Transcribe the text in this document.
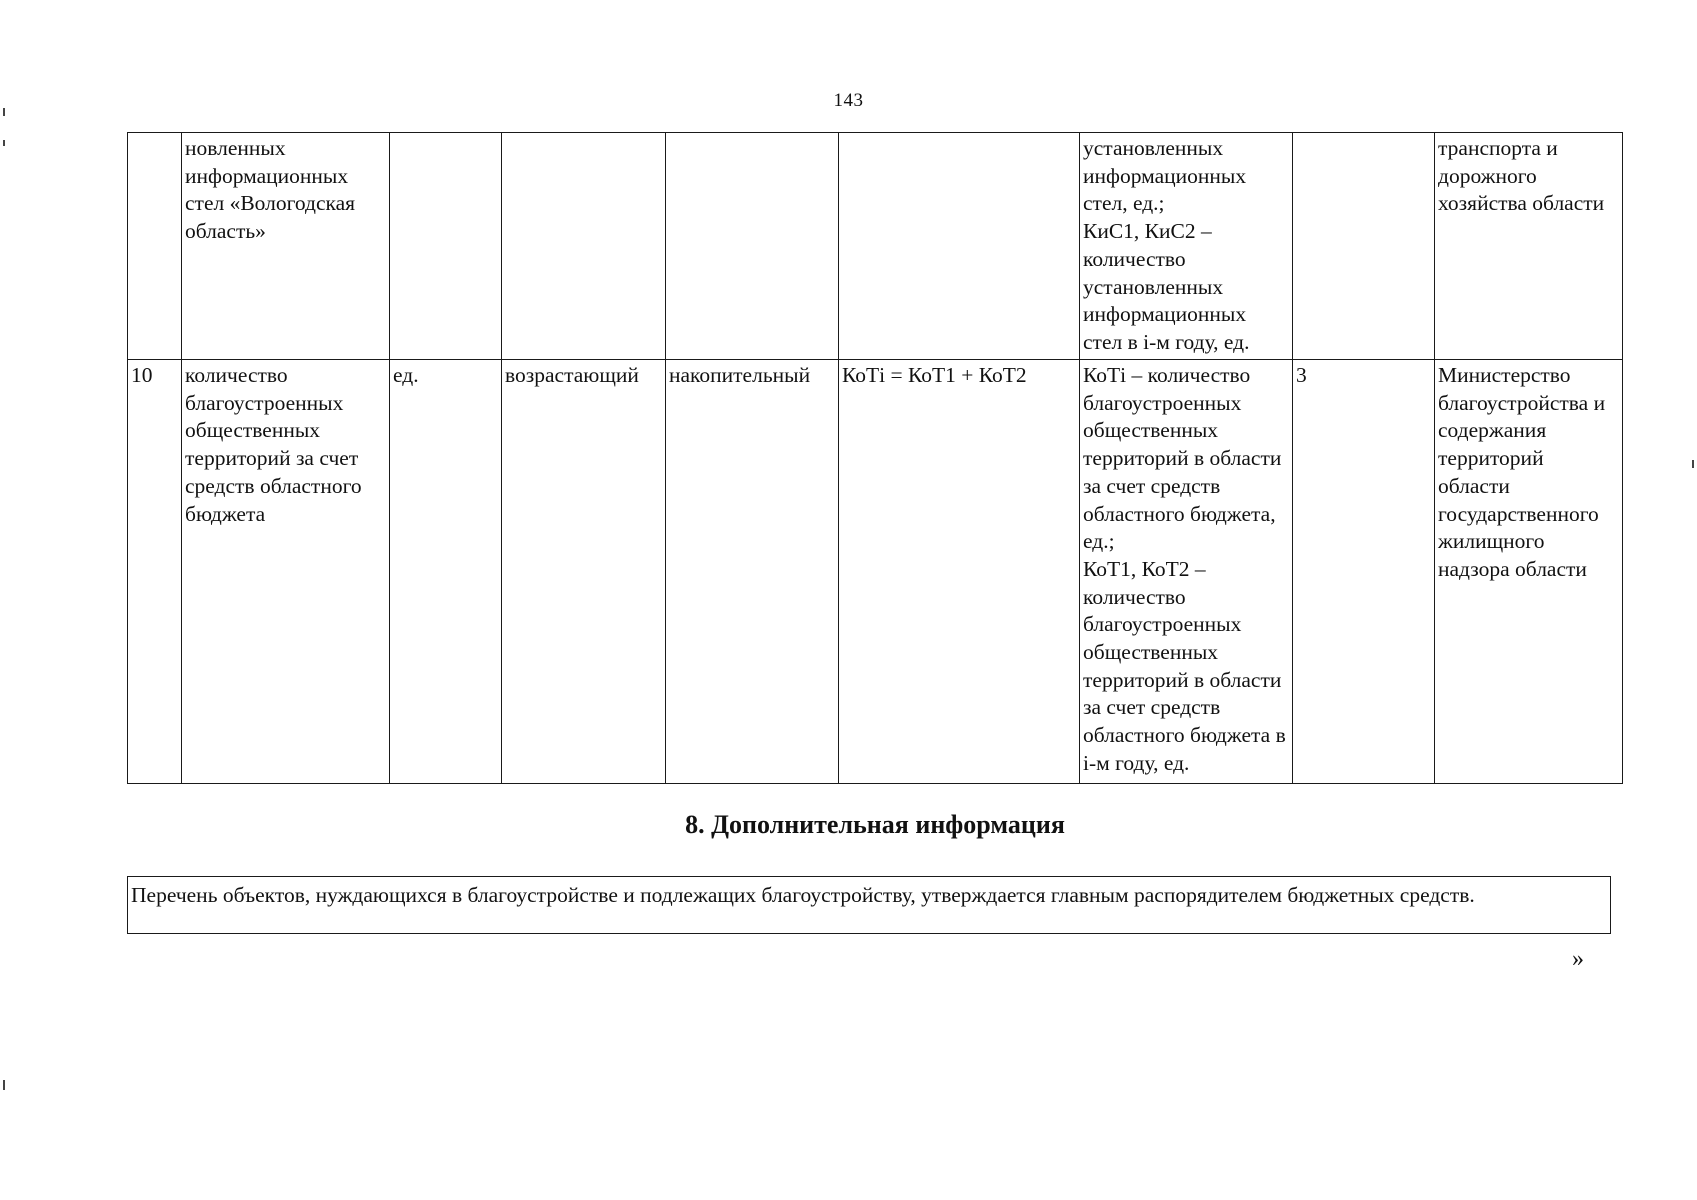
143
	новленных информационных стел «Вологодская область»					установленных информационных стел, ед.;
КиС1, КиС2 – количество установленных информационных стел в i-м году, ед.		транспорта и дорожного хозяйства области
10	количество благоустроенных общественных территорий за счет средств областного бюджета	ед.	возрастающий	накопительный	КоТi = КоТ1 + КоТ2	КоТi – количество благоустроенных общественных территорий в области за счет средств областного бюджета, ед.;
КоТ1, КоТ2 – количество благоустроенных общественных территорий в области за счет средств областного бюджета в i-м году, ед.	3	Министерство благоустройства и содержания территорий области государственного жилищного надзора области
8. Дополнительная информация
Перечень объектов, нуждающихся в благоустройстве и подлежащих благоустройству, утверждается главным распорядителем бюджетных средств.
»
